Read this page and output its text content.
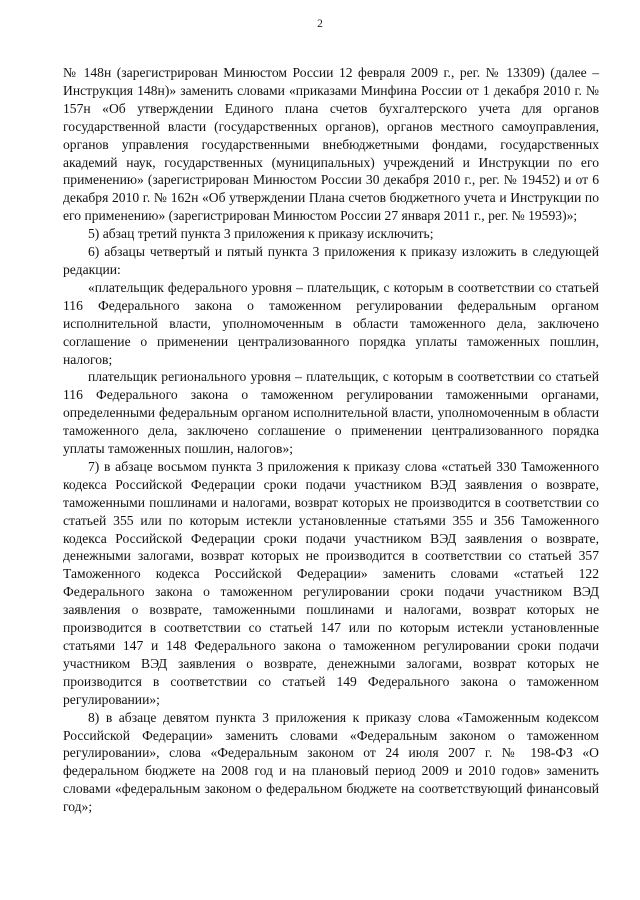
2

№ 148н (зарегистрирован Минюстом России 12 февраля 2009 г., рег. № 13309) (далее – Инструкция 148н)» заменить словами «приказами Минфина России от 1 декабря 2010 г. № 157н «Об утверждении Единого плана счетов бухгалтерского учета для органов государственной власти (государственных органов), органов местного самоуправления, органов управления государственными внебюджетными фондами, государственных академий наук, государственных (муниципальных) учреждений и Инструкции по его применению» (зарегистрирован Минюстом России 30 декабря 2010 г., рег. № 19452) и от 6 декабря 2010 г. № 162н «Об утверждении Плана счетов бюджетного учета и Инструкции по его применению» (зарегистрирован Минюстом России 27 января 2011 г., рег. № 19593)»;

5) абзац третий пункта 3 приложения к приказу исключить;

6) абзацы четвертый и пятый пункта 3 приложения к приказу изложить в следующей редакции:

«плательщик федерального уровня – плательщик, с которым в соответствии со статьей 116 Федерального закона о таможенном регулировании федеральным органом исполнительной власти, уполномоченным в области таможенного дела, заключено соглашение о применении централизованного порядка уплаты таможенных пошлин, налогов;

плательщик регионального уровня – плательщик, с которым в соответствии со статьей 116 Федерального закона о таможенном регулировании таможенными органами, определенными федеральным органом исполнительной власти, уполномоченным в области таможенного дела, заключено соглашение о применении централизованного порядка уплаты таможенных пошлин, налогов»;

7) в абзаце восьмом пункта 3 приложения к приказу слова «статьей 330 Таможенного кодекса Российской Федерации сроки подачи участником ВЭД заявления о возврате, таможенными пошлинами и налогами, возврат которых не производится в соответствии со статьей 355 или по которым истекли установленные статьями 355 и 356 Таможенного кодекса Российской Федерации сроки подачи участником ВЭД заявления о возврате, денежными залогами, возврат которых не производится в соответствии со статьей 357 Таможенного кодекса Российской Федерации» заменить словами «статьей 122 Федерального закона о таможенном регулировании сроки подачи участником ВЭД заявления о возврате, таможенными пошлинами и налогами, возврат которых не производится в соответствии со статьей 147 или по которым истекли установленные статьями 147 и 148 Федерального закона о таможенном регулировании сроки подачи участником ВЭД заявления о возврате, денежными залогами, возврат которых не производится в соответствии со статьей 149 Федерального закона о таможенном регулировании»;

8) в абзаце девятом пункта 3 приложения к приказу слова «Таможенным кодексом Российской Федерации» заменить словами «Федеральным законом о таможенном регулировании», слова «Федеральным законом от 24 июля 2007 г. № 198-ФЗ «О федеральном бюджете на 2008 год и на плановый период 2009 и 2010 годов» заменить словами «федеральным законом о федеральном бюджете на соответствующий финансовый год»;
